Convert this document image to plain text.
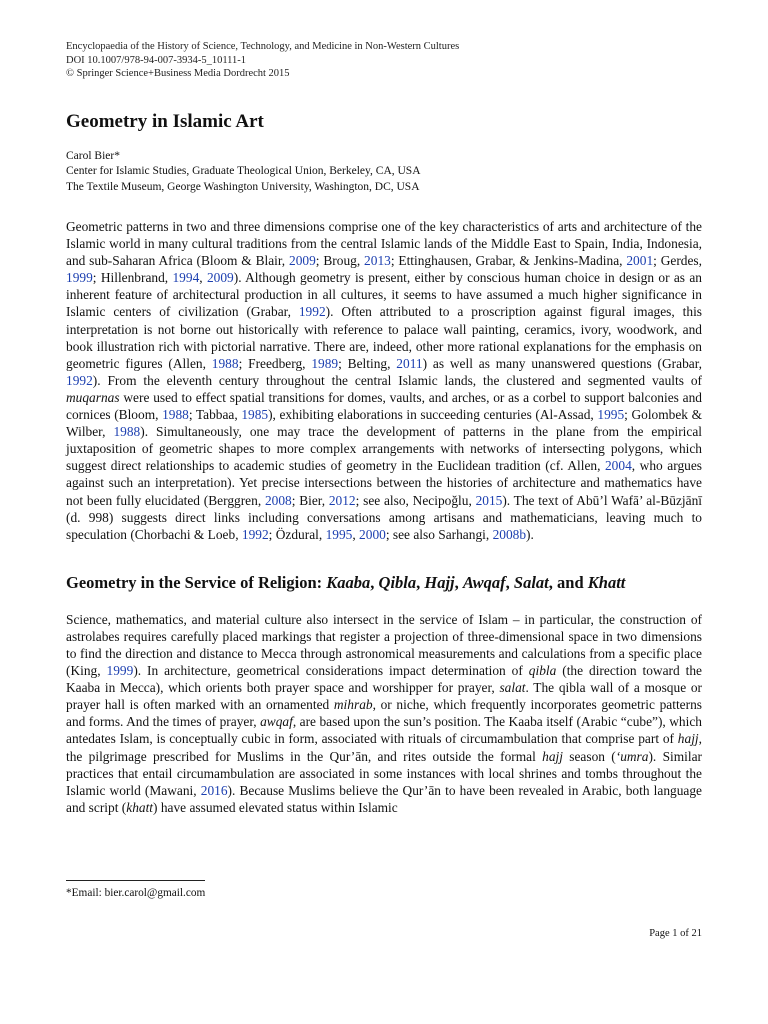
Encyclopaedia of the History of Science, Technology, and Medicine in Non-Western Cultures

DOI 10.1007/978-94-007-3934-5_10111-1

© Springer Science+Business Media Dordrecht 2015

Geometry in Islamic Art
Carol Bier*
Center for Islamic Studies, Graduate Theological Union, Berkeley, CA, USA
The Textile Museum, George Washington University, Washington, DC, USA

Geometric patterns in two and three dimensions comprise one of the key characteristics of arts and architecture of the Islamic world in many cultural traditions from the central Islamic lands of the Middle East to Spain, India, Indonesia, and sub-Saharan Africa (Bloom & Blair, 2009; Broug, 2013; Ettinghausen, Grabar, & Jenkins-Madina, 2001; Gerdes, 1999; Hillenbrand, 1994, 2009). Although geometry is present, either by conscious human choice in design or as an inherent feature of architectural production in all cultures, it seems to have assumed a much higher significance in Islamic centers of civilization (Grabar, 1992). Often attributed to a proscription against figural images, this interpretation is not borne out historically with reference to palace wall painting, ceramics, ivory, woodwork, and book illustration rich with pictorial narrative. There are, indeed, other more rational explanations for the emphasis on geometric figures (Allen, 1988; Freedberg, 1989; Belting, 2011) as well as many unanswered questions (Grabar, 1992). From the eleventh century throughout the central Islamic lands, the clustered and segmented vaults of muqarnas were used to effect spatial transitions for domes, vaults, and arches, or as a corbel to support balconies and cornices (Bloom, 1988; Tabbaa, 1985), exhibiting elaborations in succeeding centuries (Al-Assad, 1995; Golombek & Wilber, 1988). Simultaneously, one may trace the development of patterns in the plane from the empirical juxtaposition of geometric shapes to more complex arrangements with networks of intersecting polygons, which suggest direct relationships to academic studies of geometry in the Euclidean tradition (cf. Allen, 2004, who argues against such an interpretation). Yet precise intersections between the histories of architecture and mathematics have not been fully elucidated (Berggren, 2008; Bier, 2012; see also, Necipoğlu, 2015). The text of Abū’l Wafā’ al-Būzjānī (d. 998) suggests direct links including conversations among artisans and mathematicians, leaving much to speculation (Chorbachi & Loeb, 1992; Özdural, 1995, 2000; see also Sarhangi, 2008b).

Geometry in the Service of Religion: Kaaba, Qibla, Hajj, Awqaf, Salat, and Khatt

Science, mathematics, and material culture also intersect in the service of Islam – in particular, the construction of astrolabes requires carefully placed markings that register a projection of three-dimensional space in two dimensions to find the direction and distance to Mecca through astronomical measurements and calculations from a specific place (King, 1999). In architecture, geometrical considerations impact determination of qibla (the direction toward the Kaaba in Mecca), which orients both prayer space and worshipper for prayer, salat. The qibla wall of a mosque or prayer hall is often marked with an ornamented mihrab, or niche, which frequently incorporates geometric patterns and forms. And the times of prayer, awqaf, are based upon the sun’s position. The Kaaba itself (Arabic “cube”), which antedates Islam, is conceptually cubic in form, associated with rituals of circumambulation that comprise part of hajj, the pilgrimage prescribed for Muslims in the Qur’ān, and rites outside the formal hajj season (‘umra). Similar practices that entail circumambulation are associated in some instances with local shrines and tombs throughout the Islamic world (Mawani, 2016). Because Muslims believe the Qur’ān to have been revealed in Arabic, both language and script (khatt) have assumed elevated status within Islamic

*Email: bier.carol@gmail.com
Page 1 of 21
